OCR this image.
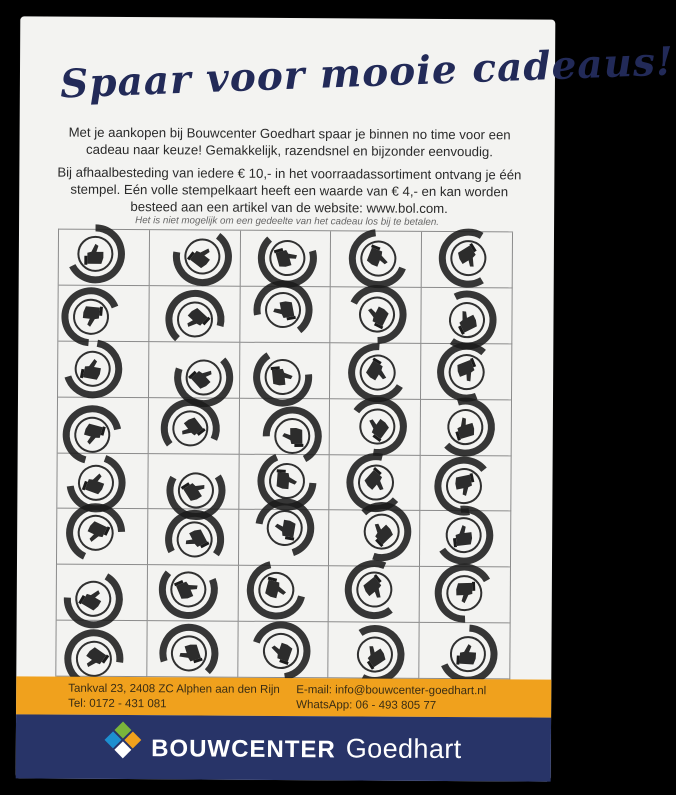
Spaar voor mooie cadeaus!

Met je aankopen bij Bouwcenter Goedhart spaar je binnen no time voor een cadeau naar keuze! Gemakkelijk, razendsnel en bijzonder eenvoudig.

Bij afhaalbesteding van iedere € 10,- in het voorraadassortiment ontvang je één stempel. Eén volle stempelkaart heeft een waarde van € 4,- en kan worden besteed aan een artikel van de website: www.bol.com.

Het is niet mogelijk om een gedeelte van het cadeau los bij te betalen.
Tankval 23, 2408 ZC Alphen aan den Rijn
Tel: 0172 - 431 081
E-mail: info@bouwcenter-goedhart.nl
WhatsApp: 06 - 493 805 77
BOUWCENTER Goedhart
